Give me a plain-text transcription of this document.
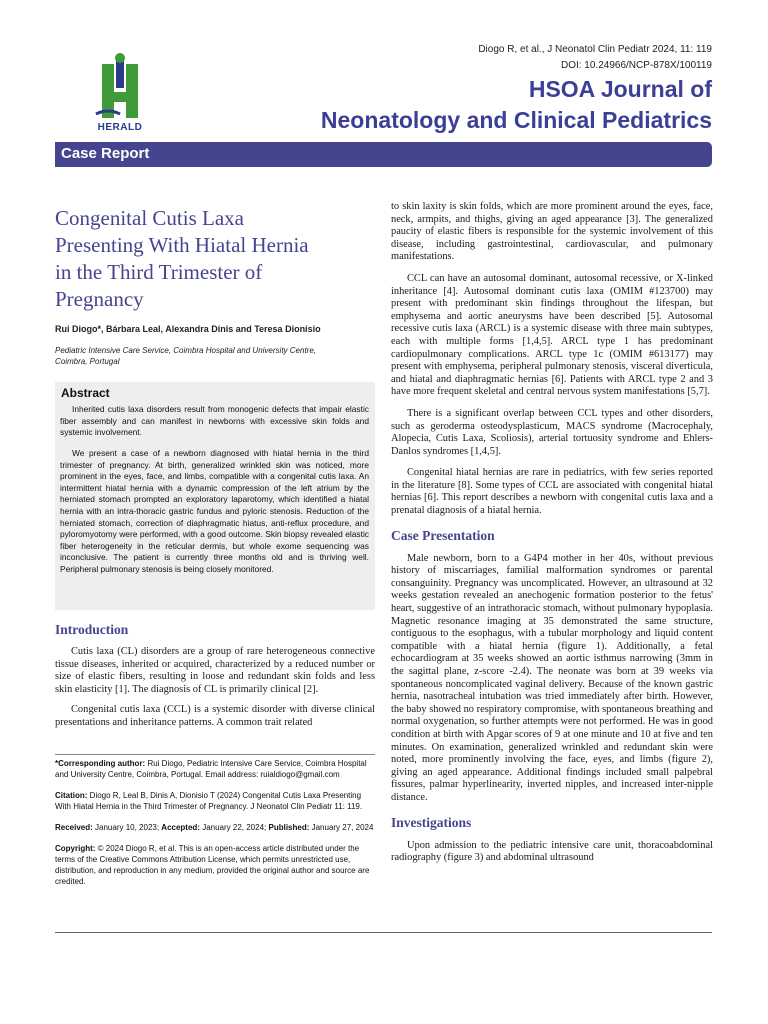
HERALD
Diogo R, et al., J Neonatol Clin Pediatr 2024, 11: 119
DOI: 10.24966/NCP-878X/100119
HSOA Journal of
Neonatology and Clinical Pediatrics
Case Report
Congenital Cutis Laxa
Presenting With Hiatal Hernia
in the Third Trimester of
Pregnancy
Rui Diogo*, Bárbara Leal, Alexandra Dinis and Teresa Dionísio
Pediatric Intensive Care Service, Coimbra Hospital and University Centre,
Coimbra, Portugal
Abstract

Inherited cutis laxa disorders result from monogenic defects that impair elastic fiber assembly and can manifest in newborns with excessive skin folds and systemic involvement.

We present a case of a newborn diagnosed with hiatal hernia in the third trimester of pregnancy. At birth, generalized wrinkled skin was noticed, more prominent in the eyes, face, and limbs, compatible with a congenital cutis laxa. An intermittent hiatal hernia with a dynamic compression of the left atrium by the herniated stomach prompted an exploratory laparotomy, which identified a hiatal hernia with an intra-thoracic gastric fundus and pyloric stenosis. Reduction of the herniated stomach, correction of diaphragmatic hiatus, anti-reflux procedure, and pyloromyotomy were performed, with a good outcome. Skin biopsy revealed elastic fiber heterogeneity in the reticular dermis, but whole exome sequencing was inconclusive. The patient is currently three months old and is thriving well. Peripheral pulmonary stenosis is being closely monitored.

Introduction

Cutis laxa (CL) disorders are a group of rare heterogeneous connective tissue diseases, inherited or acquired, characterized by a reduced number or size of elastic fibers, resulting in loose and redundant skin folds and less skin elasticity [1]. The diagnosis of CL is primarily clinical [2].

Congenital cutis laxa (CCL) is a systemic disorder with diverse clinical presentations and inheritance patterns. A common trait related

*Corresponding author: Rui Diogo, Pediatric Intensive Care Service, Coimbra Hospital and University Centre, Coimbra, Portugal. Email address: ruialdiogo@gmail.com

Citation: Diogo R, Leal B, Dinis A, Dionisio T (2024) Congenital Cutis Laxa Presenting With Hiatal Hernia in the Third Trimester of Pregnancy. J Neonatol Clin Pediatr 11: 119.

Received: January 10, 2023; Accepted: January 22, 2024; Published: January 27, 2024

Copyright: © 2024 Diogo R, et al. This is an open-access article distributed under the terms of the Creative Commons Attribution License, which permits unrestricted use, distribution, and reproduction in any medium, provided the original author and source are credited.

to skin laxity is skin folds, which are more prominent around the eyes, face, neck, armpits, and thighs, giving an aged appearance [3]. The generalized paucity of elastic fibers is responsible for the systemic involvement of this disease, including gastrointestinal, cardiovascular, and pulmonary manifestations.

CCL can have an autosomal dominant, autosomal recessive, or X-linked inheritance [4]. Autosomal dominant cutis laxa (OMIM #123700) may present with predominant skin findings throughout the lifespan, but emphysema and aortic aneurysms have been described [5]. Autosomal recessive cutis laxa (ARCL) is a systemic disease with three main subtypes, each with multiple forms [1,4,5]. ARCL type 1 has predominant cardiopulmonary complications. ARCL type 1c (OMIM #613177) may present with emphysema, peripheral pulmonary stenosis, visceral diverticula, and hiatal and diaphragmatic hernias [6]. Patients with ARCL type 2 and 3 have more frequent skeletal and central nervous system manifestations [5,7].

There is a significant overlap between CCL types and other disorders, such as geroderma osteodysplasticum, MACS syndrome (Macrocephaly, Alopecia, Cutis Laxa, Scoliosis), arterial tortuosity syndrome and Ehlers-Danlos syndromes [1,4,5].

Congenital hiatal hernias are rare in pediatrics, with few series reported in the literature [8]. Some types of CCL are associated with congenital hiatal hernias [6]. This report describes a newborn with congenital cutis laxa and a prenatal diagnosis of a hiatal hernia.

Case Presentation

Male newborn, born to a G4P4 mother in her 40s, without previous history of miscarriages, familial malformation syndromes or parental consanguinity. Pregnancy was uncomplicated. However, an ultrasound at 32 weeks gestation revealed an anechogenic formation posterior to the fetus' heart, suggestive of an intrathoracic stomach, without pulmonary hypoplasia. Magnetic resonance imaging at 35 demonstrated the same structure, contiguous to the esophagus, with a tubular morphology and liquid content compatible with a hiatal hernia (figure 1). Additionally, a fetal echocardiogram at 35 weeks showed an aortic isthmus narrowing (3mm in the sagittal plane, z-score -2.4). The neonate was born at 39 weeks via spontaneous noncomplicated vaginal delivery. Because of the known gastric hernia, nasotracheal intubation was tried immediately after birth. However, the baby showed no respiratory compromise, with spontaneous breathing and normal oxygenation, so further attempts were not performed. He was in good condition at birth with Apgar scores of 9 at one minute and 10 at five and ten minutes. On examination, generalized wrinkled and redundant skin were noted, more prominently involving the face, eyes, and limbs (figure 2), giving an aged appearance. Additional findings included small palpebral fissures, palmar hyperlinearity, inverted nipples, and increased inter-nipple distance.

Investigations

Upon admission to the pediatric intensive care unit, thoracoabdominal radiography (figure 3) and abdominal ultrasound
